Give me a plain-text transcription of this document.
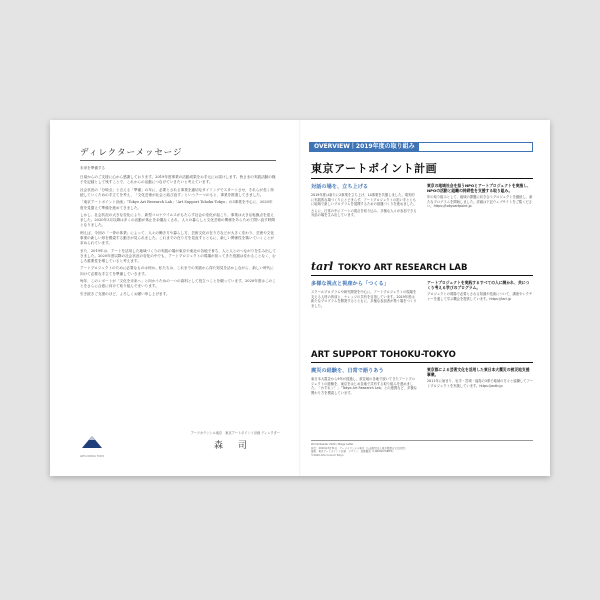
ディレクターメッセージ

未来を準備する

日頃からのご支援に心から感謝しております。2019年度事業の活動成果をお手元にお届けします。皆さまの実践活動の様子を記録として残すことで、これからの活動につなげていきたいと考えています。

社会状況の「分岐点」と言える「準備」の年に、必要とされる事業を適切なタイミングでスタートさせ、それらが長く持続していくための手立てを考え、「文化芸術が社会と結び直す」というテーマのもと、事業を推進してきました。

「東京アートポイント計画」「Tokyo Art Research Lab」「Art Support Tohoku-Tokyo」の3事業を中心に、2020年度を見据えて準備を進めてきました。

しかし、社会状況の大きな変化により、新型コロナウイルスがもたらす社会の変化が起こり、事業は大きな転換点を迎えました。2020年3月以降は多くの活動が休止を余儀なくされ、人々の暮らしと文化芸術の関係をあらためて問い直す時間となりました。

例えば、今回の「一斉の休業」によって、人々の働き方や暮らし方、芸術文化の在り方などが大きく変わり、芸術や文化事業の新しい形を模索する動きが見られました。これまでの在り方を見直すとともに、新しい関係性を築いていくことが求められています。

また、2019年は、アートを活用した地域づくりの実践の場が東京や東北の各地で育ち、人と人とのつながりを生み出してきました。2020年度以降の社会状況の変化の中でも、アートプロジェクトの現場が担ってきた役割は変わることなく、むしろ重要性を増していると考えます。

アートプロジェクトのために必要なものは何か。私たちは、これまでの実践から得た知見を活かしながら、新しい時代に向けて必要な手立てを準備していきます。

毎年、このレポートが「文化を未来へ」と向かうための一つの資料として役立つことを願っています。2020年度はこのことをさらに合意に向けて取り組んでまいります。

引き続きご支援のほど、よろしくお願い申し上げます。

ARTS COUNCIL TOKYO
アーツカウンシル東京　東京アートポイント計画 ディレクター
森　司
OVERVIEW｜2019年度の取り組み
東京アートポイント計画
対話の場を、立ち上げる

2019年度は新たに2事業を立ち上げ、14事業を共催しました。現実的に実践的な場づくりにとどまらず、アートプロジェクトの担い手とともに地域で新しいプログラムを展開するための基盤づくりを進めました。

さらに、日常の中にアートの視点を取り込み、多様な人々が参加できる対話の場を生み出しています。

東京の地域社会を担うNPOとアートプロジェクトを実施し、NPOの活動と組織の持続性を支援する取り組み。

年の取り組みとして、地域の課題に向き合うプロジェクトを継続し、新たなプログラムを開始しました。詳細は下記ウェブサイトをご覧ください。https://tokyoartpoint.jp

tarl TOKYO ART RESEARCH LAB
多様な視点と視座から「つくる」

スクールプログラムや研究開発を中心に、アートプロジェクトの現場を支える人材の育成と、ナレッジの共有を目指しています。2019年度は新たなプログラムを開発するとともに、多様な参加者が集う場をつくりました。

アートプロジェクトを実践するすべての人に開かれ、共につくり考える学びのプログラム。

プロジェクトの現場で必要とされる知識や技術について、講座やレクチャーを通して学ぶ機会を提供しています。https://tarl.jp

ART SUPPORT TOHOKU-TOKYO
震災の経験を、日常で語りあう

東日本大震災から9年が経過し、被災地の各地で続いてきたアートプロジェクトの経験を、東京をはじめ各地で共有する取り組みを進めました。「わすれン！」「Tokyo Art Research Lab」との連携など、多様な関わり方を模索しています。

東京都による芸術文化を活用した東日本大震災の被災地支援事業。

2011年に始まり、岩手・宮城・福島の3県で地域の方々と協働してアートプロジェクトを実施しています。https://asttr.jp

Words Reader 2020 / Stage Letter
発行：2020年3月31日　アーツカウンシル東京（公益財団法人東京都歴史文化財団）
編集：東京アートポイント計画　デザイン：加藤賢策（LABORATORIES）
©2020 Arts Council Tokyo
